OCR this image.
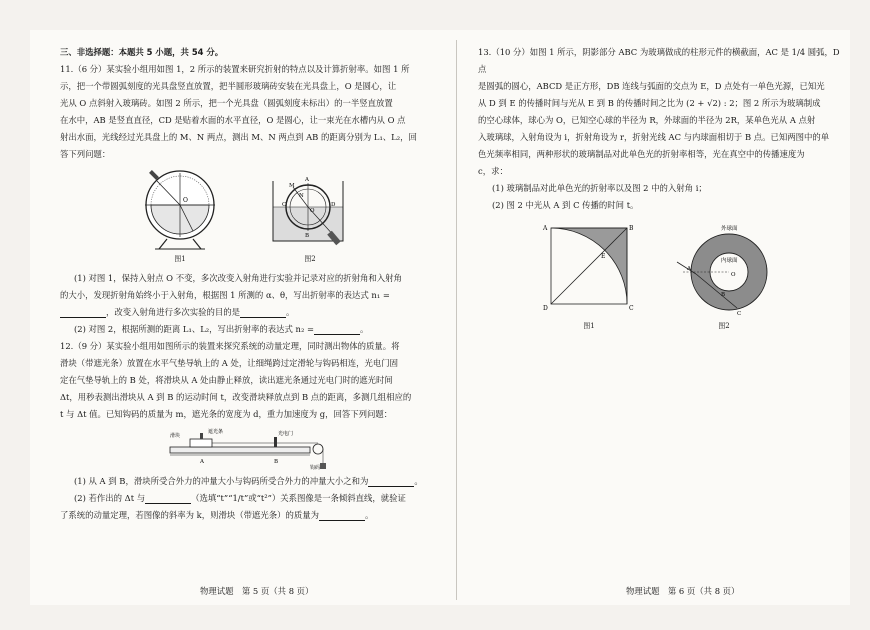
三、非选择题：本题共 5 小题，共 54 分。
11.（6 分）某实验小组用如图 1，2 所示的装置来研究折射的特点以及计算折射率。如图 1 所
示，把一个带圆弧刻度的光具盘竖直放置，把半圆形玻璃砖安装在光具盘上，O 是圆心，让
光从 O 点斜射入玻璃砖。如图 2 所示，把一个光具盘（圆弧刻度未标出）的一半竖直放置
在水中，AB 是竖直直径，CD 是贴着水面的水平直径，O 是圆心，让一束光在水槽内从 O 点
射出水面，光线经过光具盘上的 M、N 两点，测出 M、N 两点到 AB 的距离分别为 L₁、L₂，回
答下列问题：
O
图1
A
B
C	D
M
N
O
图2
(1) 对图 1，保持入射点 O 不变，多次改变入射角进行实验并记录对应的折射角和入射角
的大小，发现折射角始终小于入射角，根据图 1 所测的 α、θ，写出折射率的表达式 n₁ =
，改变入射角进行多次实验的目的是	。
(2) 对图 2，根据所测的距离 L₁、L₂，写出折射率的表达式 n₂ =	。
12.（9 分）某实验小组用如图所示的装置来探究系统的动量定理，同时测出物体的质量。将
滑块（带遮光条）放置在水平气垫导轨上的 A 处，让细绳跨过定滑轮与钩码相连，光电门固
定在气垫导轨上的 B 处，将滑块从 A 处由静止释放，读出遮光条通过光电门时的遮光时间
Δt，用秒表测出滑块从 A 到 B 的运动时间 t，改变滑块释放点到 B 点的距离，多测几组相应的
t 与 Δt 值。已知钩码的质量为 m，遮光条的宽度为 d，重力加速度为 g，回答下列问题：
滑块
遮光条	光电门
钩码
A	B
(1) 从 A 到 B，滑块所受合外力的冲量大小与钩码所受合外力的冲量大小之和为	。
(2) 若作出的 Δt 与	（选填“t”“1/t”或“t²”）关系图像是一条倾斜直线，就验证
了系统的动量定理，若图像的斜率为 k，则滑块（带遮光条）的质量为	。
13.（10 分）如图 1 所示，阴影部分 ABC 为玻璃做成的柱形元件的横截面，AC 是 1/4 圆弧，D 点
是圆弧的圆心，ABCD 是正方形，DB 连线与弧面的交点为 E，D 点处有一单色光源，已知光
从 D 到 E 的传播时间与光从 E 到 B 的传播时间之比为 (2 + √2) : 2；图 2 所示为玻璃制成
的空心球体，球心为 O，已知空心球的半径为 R，外球面的半径为 2R，某单色光从 A 点射
入玻璃球，入射角设为 i，折射角设为 r，折射光线 AC 与内球面相切于 B 点。已知两图中的单
色光频率相同，两种形状的玻璃制品对此单色光的折射率相等，光在真空中的传播速度为
c，求：
(1) 玻璃制品对此单色光的折射率以及图 2 中的入射角 i；
(2) 图 2 中光从 A 到 C 传播的时间 t。
A	B
C
D
E
图1
A
O
B
C
外球面
内球面
图2
物理试题　第 5 页（共 8 页）	物理试题　第 6 页（共 8 页）
